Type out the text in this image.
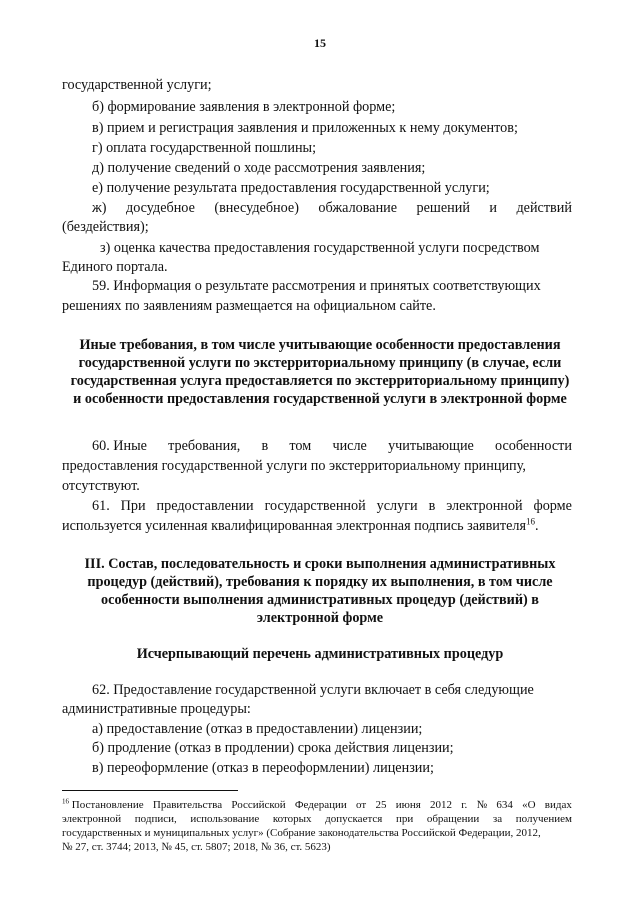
15
государственной услуги;
б) формирование заявления в электронной форме;
в) прием и регистрация заявления и приложенных к нему документов;
г) оплата государственной пошлины;
д) получение сведений о ходе рассмотрения заявления;
е) получение результата предоставления государственной услуги;
ж) досудебное (внесудебное) обжалование решений и действий
(бездействия);
з) оценка качества предоставления государственной услуги посредством
Единого портала.
59. Информация о результате рассмотрения и принятых соответствующих
решениях по заявлениям размещается на официальном сайте.
Иные требования, в том числе учитывающие особенности предоставления государственной услуги по экстерриториальному принципу (в случае, если государственная услуга предоставляется по экстерриториальному принципу) и особенности предоставления государственной услуги в электронной форме
60. Иные требования, в том числе учитывающие особенности
предоставления государственной услуги по экстерриториальному принципу,
отсутствуют.
61. При предоставлении государственной услуги в электронной форме
используется усиленная квалифицированная электронная подпись заявителя$^{16}$.
III. Состав, последовательность и сроки выполнения административных процедур (действий), требования к порядку их выполнения, в том числе особенности выполнения административных процедур (действий) в электронной форме
Исчерпывающий перечень административных процедур
62. Предоставление государственной услуги включает в себя следующие
административные процедуры:
а) предоставление (отказ в предоставлении) лицензии;
б) продление (отказ в продлении) срока действия лицензии;
в) переоформление (отказ в переоформлении) лицензии;
$^{16}$ Постановление Правительства Российской Федерации от 25 июня 2012 г. № 634 «О видах
электронной подписи, использование которых допускается при обращении за получением
государственных и муниципальных услуг» (Собрание законодательства Российской Федерации, 2012,
№ 27, ст. 3744; 2013, № 45, ст. 5807; 2018, № 36, ст. 5623)
